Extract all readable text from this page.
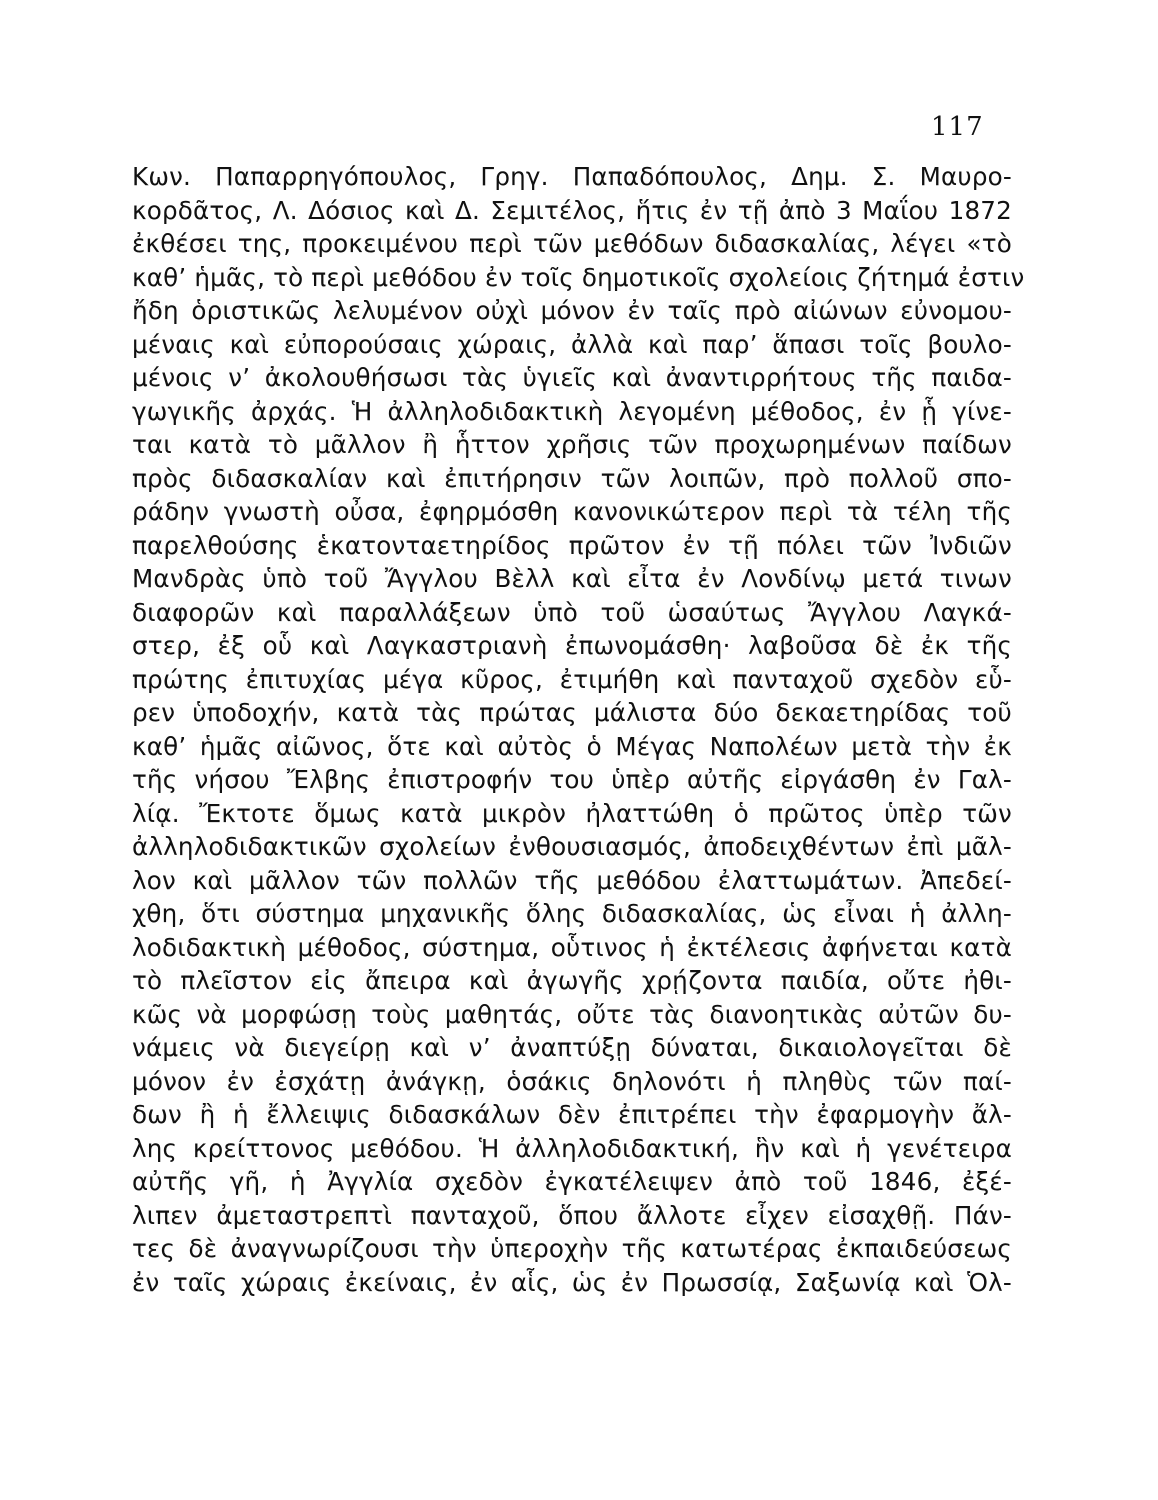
117
Κων. Παπαρρηγόπουλος, Γρηγ. Παπαδόπουλος, Δημ. Σ. Μαυρο-
κορδᾶτος, Λ. Δόσιος καὶ Δ. Σεμιτέλος, ἥτις ἐν τῇ ἀπὸ 3 Μαΐου 1872
ἐκθέσει της, προκειμένου περὶ τῶν μεθόδων διδασκαλίας, λέγει «τὸ
καθ’ ἡμᾶς, τὸ περὶ μεθόδου ἐν τοῖς δημοτικοῖς σχολείοις ζήτημά ἐστιν
ἤδη ὁριστικῶς λελυμένον οὐχὶ μόνον ἐν ταῖς πρὸ αἰώνων εὐνομου-
μέναις καὶ εὐπορούσαις χώραις, ἀλλὰ καὶ παρ’ ἅπασι τοῖς βουλο-
μένοις ν’ ἀκολουθήσωσι τὰς ὑγιεῖς καὶ ἀναντιρρήτους τῆς παιδα-
γωγικῆς ἀρχάς. Ἡ ἀλληλοδιδακτικὴ λεγομένη μέθοδος, ἐν ᾗ γίνε-
ται κατὰ τὸ μᾶλλον ἢ ἧττον χρῆσις τῶν προχωρημένων παίδων
πρὸς διδασκαλίαν καὶ ἐπιτήρησιν τῶν λοιπῶν, πρὸ πολλοῦ σπο-
ράδην γνωστὴ οὖσα, ἐφηρμόσθη κανονικώτερον περὶ τὰ τέλη τῆς
παρελθούσης ἑκατονταετηρίδος πρῶτον ἐν τῇ πόλει τῶν Ἰνδιῶν
Μανδρὰς ὑπὸ τοῦ Ἄγγλου Βὲλλ καὶ εἶτα ἐν Λονδίνῳ μετά τινων
διαφορῶν καὶ παραλλάξεων ὑπὸ τοῦ ὡσαύτως Ἄγγλου Λαγκά-
στερ, ἐξ οὗ καὶ Λαγκαστριανὴ ἐπωνομάσθη· λαβοῦσα δὲ ἐκ τῆς
πρώτης ἐπιτυχίας μέγα κῦρος, ἐτιμήθη καὶ πανταχοῦ σχεδὸν εὗ-
ρεν ὑποδοχήν, κατὰ τὰς πρώτας μάλιστα δύο δεκαετηρίδας τοῦ
καθ’ ἡμᾶς αἰῶνος, ὅτε καὶ αὐτὸς ὁ Μέγας Ναπολέων μετὰ τὴν ἐκ
τῆς νήσου Ἔλβης ἐπιστροφήν του ὑπὲρ αὐτῆς εἰργάσθη ἐν Γαλ-
λίᾳ. Ἔκτοτε ὅμως κατὰ μικρὸν ἠλαττώθη ὁ πρῶτος ὑπὲρ τῶν
ἀλληλοδιδακτικῶν σχολείων ἐνθουσιασμός, ἀποδειχθέντων ἐπὶ μᾶλ-
λον καὶ μᾶλλον τῶν πολλῶν τῆς μεθόδου ἐλαττωμάτων. Ἀπεδεί-
χθη, ὅτι σύστημα μηχανικῆς ὅλης διδασκαλίας, ὡς εἶναι ἡ ἀλλη-
λοδιδακτικὴ μέθοδος, σύστημα, οὗτινος ἡ ἐκτέλεσις ἀφήνεται κατὰ
τὸ πλεῖστον εἰς ἄπειρα καὶ ἀγωγῆς χρῄζοντα παιδία, οὔτε ἠθι-
κῶς νὰ μορφώσῃ τοὺς μαθητάς, οὔτε τὰς διανοητικὰς αὐτῶν δυ-
νάμεις νὰ διεγείρῃ καὶ ν’ ἀναπτύξῃ δύναται, δικαιολογεῖται δὲ
μόνον ἐν ἐσχάτῃ ἀνάγκῃ, ὁσάκις δηλονότι ἡ πληθὺς τῶν παί-
δων ἢ ἡ ἔλλειψις διδασκάλων δὲν ἐπιτρέπει τὴν ἐφαρμογὴν ἄλ-
λης κρείττονος μεθόδου. Ἡ ἀλληλοδιδακτική, ἣν καὶ ἡ γενέτειρα
αὐτῆς γῆ, ἡ Ἀγγλία σχεδὸν ἐγκατέλειψεν ἀπὸ τοῦ 1846, ἐξέ-
λιπεν ἀμεταστρεπτὶ πανταχοῦ, ὅπου ἄλλοτε εἶχεν εἰσαχθῇ. Πάν-
τες δὲ ἀναγνωρίζουσι τὴν ὑπεροχὴν τῆς κατωτέρας ἐκπαιδεύσεως
ἐν ταῖς χώραις ἐκείναις, ἐν αἷς, ὡς ἐν Πρωσσίᾳ, Σαξωνίᾳ καὶ Ὁλ-
